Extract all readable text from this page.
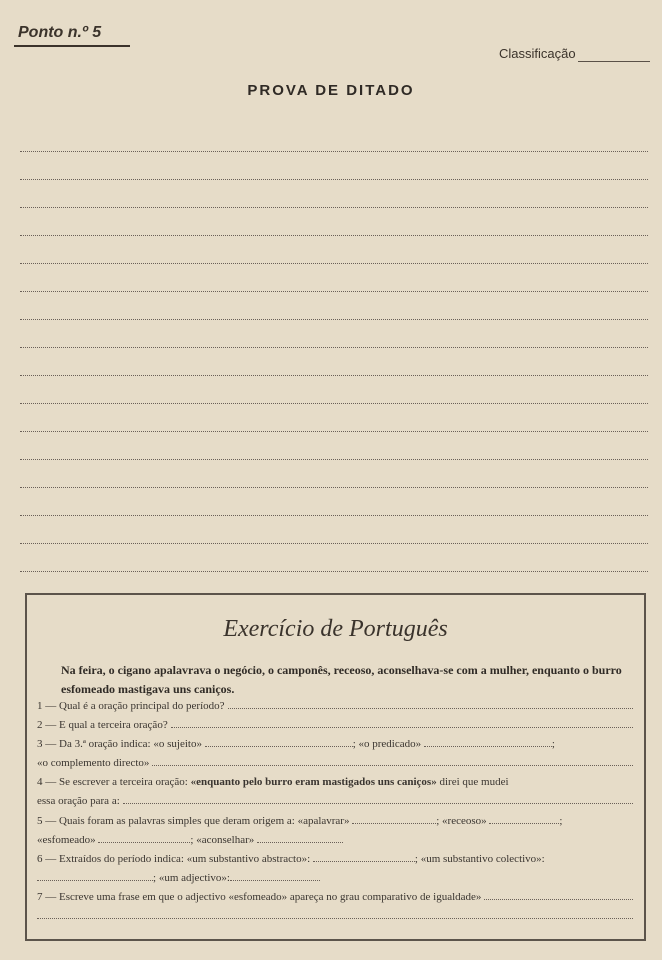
Ponto n.º 5
Classificação
PROVA DE DITADO
Exercício de Português
Na feira, o cigano apalavrava o negócio, o camponês, receoso, aconselhava-se com a mulher, enquanto o burro esfomeado mastigava uns caniços.
1 — Qual é a oração principal do período?
2 — E qual a terceira oração?
3 — Da 3.ª oração indica: «o sujeito»	; «o predicado»	;
«o complemento directo»
4 — Se escrever a terceira oração: «enquanto pelo burro eram mastigados uns caniços» direi que mudei
essa oração para a:
5 — Quais foram as palavras simples que deram origem a: «apalavrar»	; «receoso»	;
«esfomeado»	; «aconselhar»
6 — Extraídos do período indica: «um substantivo abstracto»:	; «um substantivo colectivo»:
; «um adjectivo»:
7 — Escreve uma frase em que o adjectivo «esfomeado» apareça no grau comparativo de igualdade»
